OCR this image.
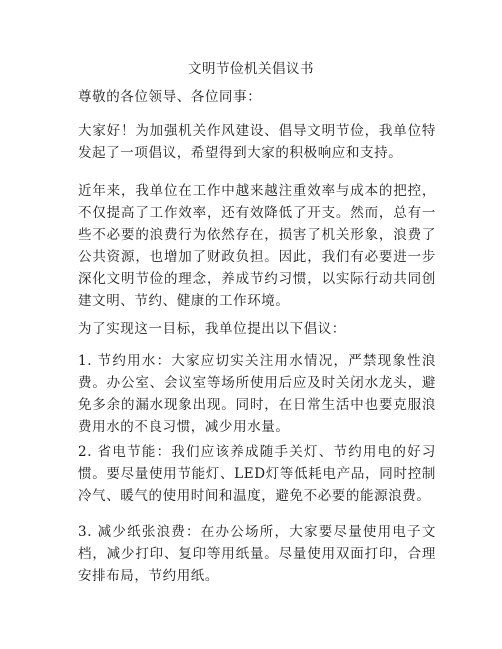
文明节俭机关倡议书

尊敬的各位领导、各位同事：

大家好！为加强机关作风建设、倡导文明节俭，我单位特发起了一项倡议，希望得到大家的积极响应和支持。

近年来，我单位在工作中越来越注重效率与成本的把控，不仅提高了工作效率，还有效降低了开支。然而，总有一些不必要的浪费行为依然存在，损害了机关形象，浪费了公共资源，也增加了财政负担。因此，我们有必要进一步深化文明节俭的理念，养成节约习惯，以实际行动共同创建文明、节约、健康的工作环境。

为了实现这一目标，我单位提出以下倡议：

1. 节约用水：大家应切实关注用水情况，严禁现象性浪费。办公室、会议室等场所使用后应及时关闭水龙头，避免多余的漏水现象出现。同时，在日常生活中也要克服浪费用水的不良习惯，减少用水量。

2. 省电节能：我们应该养成随手关灯、节约用电的好习惯。要尽量使用节能灯、LED灯等低耗电产品，同时控制冷气、暖气的使用时间和温度，避免不必要的能源浪费。

3. 减少纸张浪费：在办公场所，大家要尽量使用电子文档，减少打印、复印等用纸量。尽量使用双面打印，合理安排布局，节约用纸。
